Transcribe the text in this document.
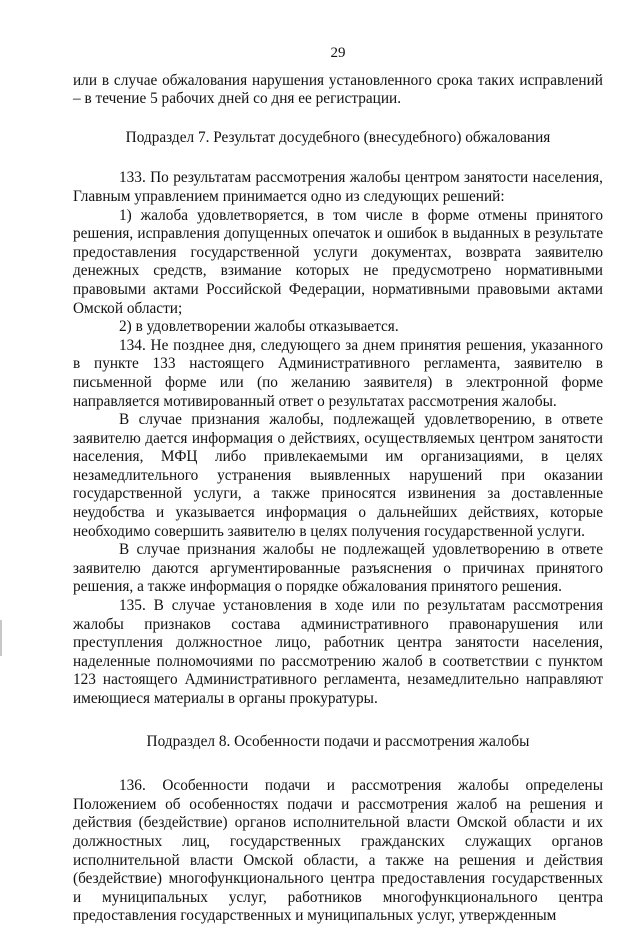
29

или в случае обжалования нарушения установленного срока таких исправлений – в течение 5 рабочих дней со дня ее регистрации.

Подраздел 7. Результат досудебного (внесудебного) обжалования

133. По результатам рассмотрения жалобы центром занятости населения, Главным управлением принимается одно из следующих решений:

1) жалоба удовлетворяется, в том числе в форме отмены принятого решения, исправления допущенных опечаток и ошибок в выданных в результате предоставления государственной услуги документах, возврата заявителю денежных средств, взимание которых не предусмотрено нормативными правовыми актами Российской Федерации, нормативными правовыми актами Омской области;

2) в удовлетворении жалобы отказывается.

134. Не позднее дня, следующего за днем принятия решения, указанного в пункте 133 настоящего Административного регламента, заявителю в письменной форме или (по желанию заявителя) в электронной форме направляется мотивированный ответ о результатах рассмотрения жалобы.

В случае признания жалобы, подлежащей удовлетворению, в ответе заявителю дается информация о действиях, осуществляемых центром занятости населения, МФЦ либо привлекаемыми им организациями, в целях незамедлительного устранения выявленных нарушений при оказании государственной услуги, а также приносятся извинения за доставленные неудобства и указывается информация о дальнейших действиях, которые необходимо совершить заявителю в целях получения государственной услуги.

В случае признания жалобы не подлежащей удовлетворению в ответе заявителю даются аргументированные разъяснения о причинах принятого решения, а также информация о порядке обжалования принятого решения.

135. В случае установления в ходе или по результатам рассмотрения жалобы признаков состава административного правонарушения или преступления должностное лицо, работник центра занятости населения, наделенные полномочиями по рассмотрению жалоб в соответствии с пунктом 123 настоящего Административного регламента, незамедлительно направляют имеющиеся материалы в органы прокуратуры.

Подраздел 8. Особенности подачи и рассмотрения жалобы

136. Особенности подачи и рассмотрения жалобы определены Положением об особенностях подачи и рассмотрения жалоб на решения и действия (бездействие) органов исполнительной власти Омской области и их должностных лиц, государственных гражданских служащих органов исполнительной власти Омской области, а также на решения и действия (бездействие) многофункционального центра предоставления государственных и муниципальных услуг, работников многофункционального центра предоставления государственных и муниципальных услуг, утвержденным
